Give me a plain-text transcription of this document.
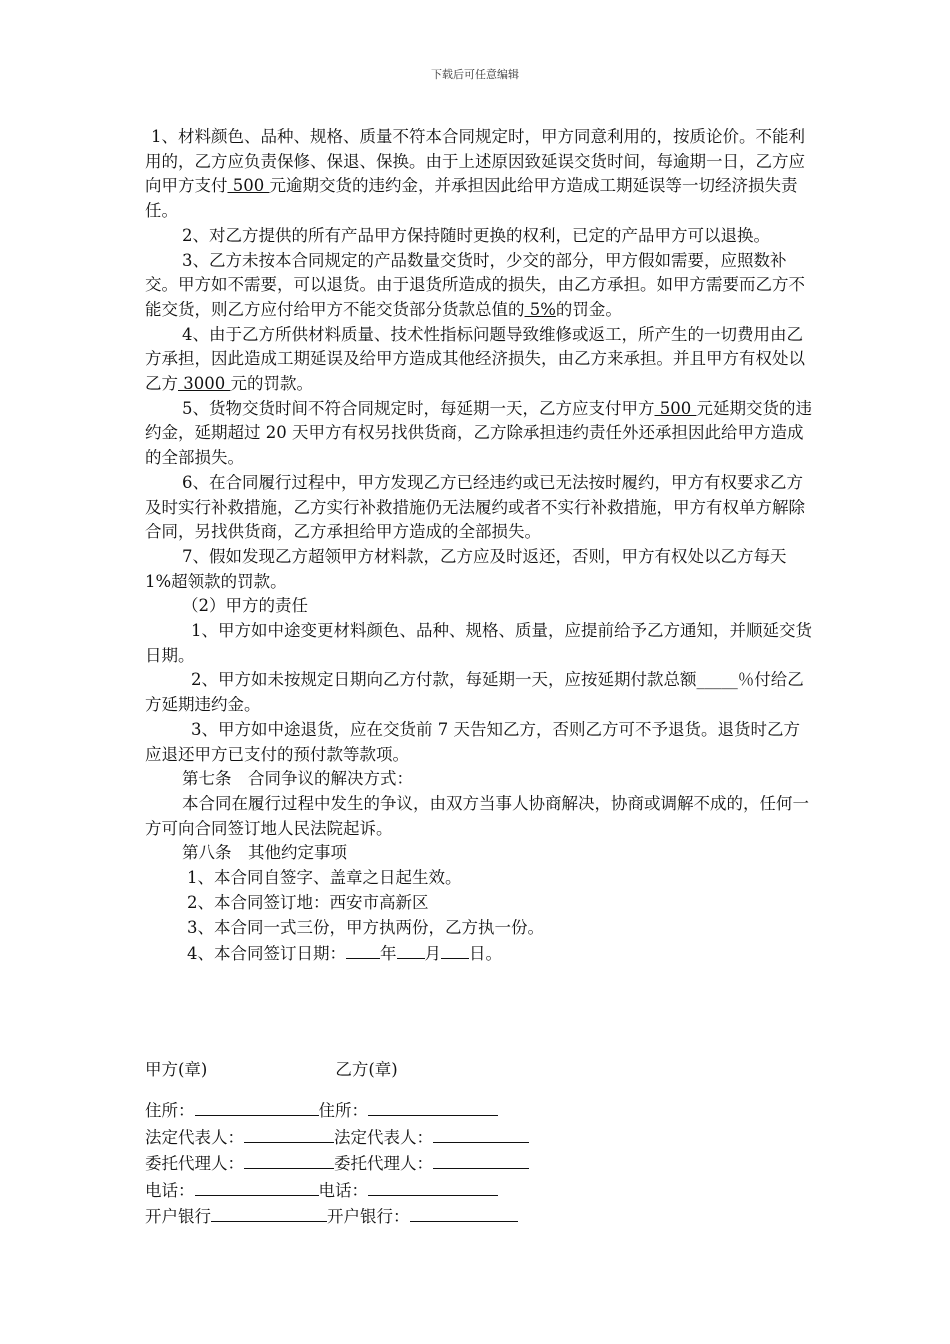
下载后可任意编辑

1、材料颜色、品种、规格、质量不符本合同规定时，甲方同意利用的，按质论价。不能利用的，乙方应负责保修、保退、保换。由于上述原因致延误交货时间，每逾期一日，乙方应向甲方支付 500 元逾期交货的违约金，并承担因此给甲方造成工期延误等一切经济损失责任。

2、对乙方提供的所有产品甲方保持随时更换的权利，已定的产品甲方可以退换。

3、乙方未按本合同规定的产品数量交货时，少交的部分，甲方假如需要，应照数补交。甲方如不需要，可以退货。由于退货所造成的损失，由乙方承担。如甲方需要而乙方不能交货，则乙方应付给甲方不能交货部分货款总值的 5%的罚金。

4、由于乙方所供材料质量、技术性指标问题导致维修或返工，所产生的一切费用由乙方承担，因此造成工期延误及给甲方造成其他经济损失，由乙方来承担。并且甲方有权处以乙方 3000 元的罚款。

5、货物交货时间不符合同规定时，每延期一天，乙方应支付甲方 500 元延期交货的违约金，延期超过 20 天甲方有权另找供货商，乙方除承担违约责任外还承担因此给甲方造成的全部损失。

6、在合同履行过程中，甲方发现乙方已经违约或已无法按时履约，甲方有权要求乙方及时实行补救措施，乙方实行补救措施仍无法履约或者不实行补救措施，甲方有权单方解除合同，另找供货商，乙方承担给甲方造成的全部损失。

7、假如发现乙方超领甲方材料款，乙方应及时返还，否则，甲方有权处以乙方每天 1%超领款的罚款。

（2）甲方的责任

1、甲方如中途变更材料颜色、品种、规格、质量，应提前给予乙方通知，并顺延交货日期。

2、甲方如未按规定日期向乙方付款，每延期一天，应按延期付款总额_____％付给乙方延期违约金。

3、甲方如中途退货，应在交货前 7 天告知乙方，否则乙方可不予退货。退货时乙方应退还甲方已支付的预付款等款项。

第七条　合同争议的解决方式：

本合同在履行过程中发生的争议，由双方当事人协商解决，协商或调解不成的，任何一方可向合同签订地人民法院起诉。

第八条　其他约定事项

1、本合同自签字、盖章之日起生效。

2、本合同签订地：西安市高新区

3、本合同一式三份，甲方执两份，乙方执一份。

4、本合同签订日期： 年 月 日。

甲方(章)	乙方(章)
住所：	住所：
法定代表人：	法定代表人：
委托代理人：	委托代理人：
电话：	电话：
开户银行	开户银行：
